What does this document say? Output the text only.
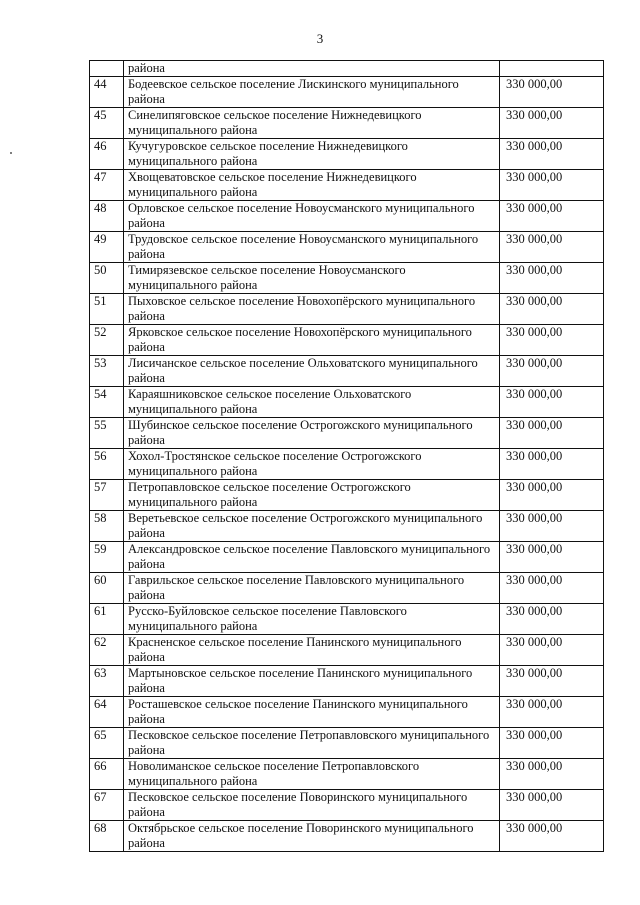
3
	района	
44	Бодеевское сельское поселение Лискинского муниципального района	330 000,00
45	Синелипяговское сельское поселение Нижнедевицкого муниципального района	330 000,00
46	Кучугуровское сельское поселение Нижнедевицкого муниципального района	330 000,00
47	Хвощеватовское сельское поселение Нижнедевицкого муниципального района	330 000,00
48	Орловское сельское поселение Новоусманского муниципального района	330 000,00
49	Трудовское сельское поселение Новоусманского муниципального района	330 000,00
50	Тимирязевское сельское поселение Новоусманского муниципального района	330 000,00
51	Пыховское сельское поселение Новохопёрского муниципального района	330 000,00
52	Ярковское сельское поселение Новохопёрского муниципального района	330 000,00
53	Лисичанское сельское поселение Ольховатского муниципального района	330 000,00
54	Караяшниковское сельское поселение Ольховатского муниципального района	330 000,00
55	Шубинское сельское поселение Острогожского муниципального района	330 000,00
56	Хохол-Тростянское сельское поселение Острогожского муниципального района	330 000,00
57	Петропавловское сельское поселение Острогожского муниципального района	330 000,00
58	Веретьевское сельское поселение Острогожского муниципального района	330 000,00
59	Александровское сельское поселение Павловского муниципального района	330 000,00
60	Гаврильское сельское поселение Павловского муниципального района	330 000,00
61	Русско-Буйловское сельское поселение Павловского муниципального района	330 000,00
62	Красненское сельское поселение Панинского муниципального района	330 000,00
63	Мартыновское сельское поселение Панинского муниципального района	330 000,00
64	Росташевское сельское поселение Панинского муниципального района	330 000,00
65	Песковское сельское поселение Петропавловского муниципального района	330 000,00
66	Новолиманское сельское поселение Петропавловского муниципального района	330 000,00
67	Песковское сельское поселение Поворинского муниципального района	330 000,00
68	Октябрьское сельское поселение Поворинского муниципального района	330 000,00
